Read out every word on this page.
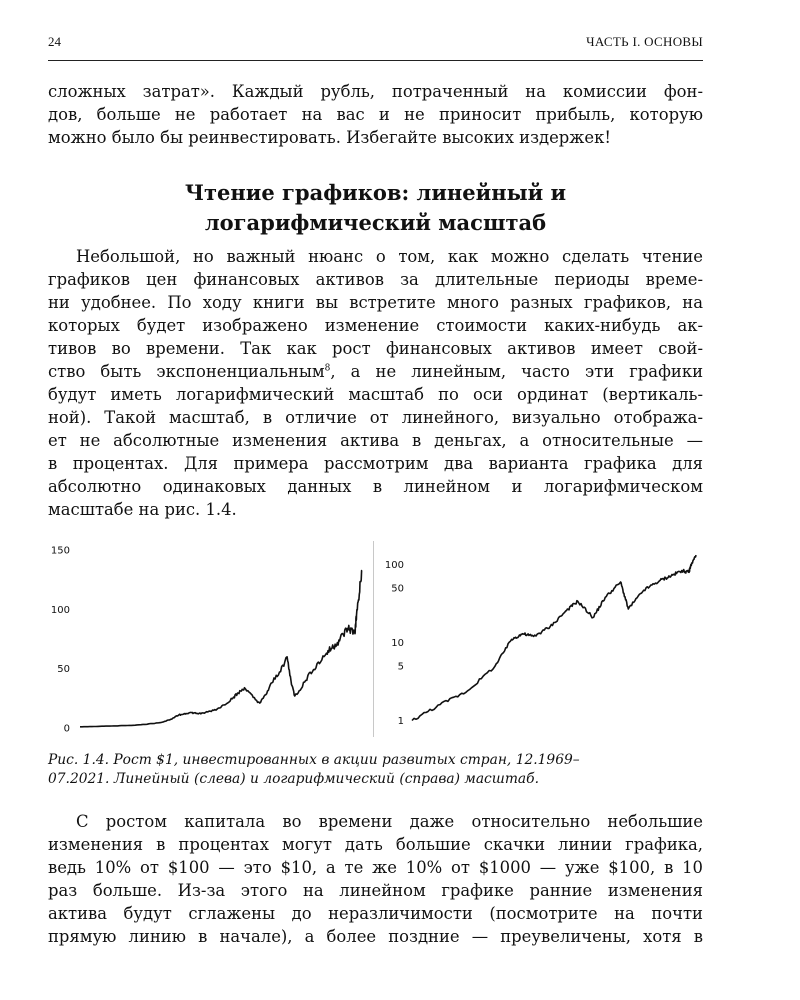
24	ЧАСТЬ I. ОСНОВЫ
сложных затрат». Каждый рубль, потраченный на комиссии фон-
дов, больше не работает на вас и не приносит прибыль, которую
можно было бы реинвестировать. Избегайте высоких издержек!
Чтение графиков: линейный и
логарифмический масштаб
Небольшой, но важный нюанс о том, как можно сделать чтение
графиков цен финансовых активов за длительные периоды време-
ни удобнее. По ходу книги вы встретите много разных графиков, на
которых будет изображено изменение стоимости каких-нибудь ак-
тивов во времени. Так как рост финансовых активов имеет свой-
ство быть экспоненциальным$^8$, а не линейным, часто эти графики
будут иметь логарифмический масштаб по оси ординат (вертикаль-
ной). Такой масштаб, в отличие от линейного, визуально отобража-
ет не абсолютные изменения актива в деньгах, а относительные —
в процентах. Для примера рассмотрим два варианта графика для
абсолютно одинаковых данных в линейном и логарифмическом
масштабе на рис. 1.4.
0
50
100
150
1
5
10
50
100
Рис. 1.4. Рост $1, инвестированных в акции развитых стран, 12.1969–
07.2021. Линейный (слева) и логарифмический (справа) масштаб.
С ростом капитала во времени даже относительно небольшие
изменения в процентах могут дать большие скачки линии графика,
ведь 10% от $100 — это $10, а те же 10% от $1000 — уже $100, в 10
раз больше. Из-за этого на линейном графике ранние изменения
актива будут сглажены до неразличимости (посмотрите на почти
прямую линию в начале), а более поздние — преувеличены, хотя в
